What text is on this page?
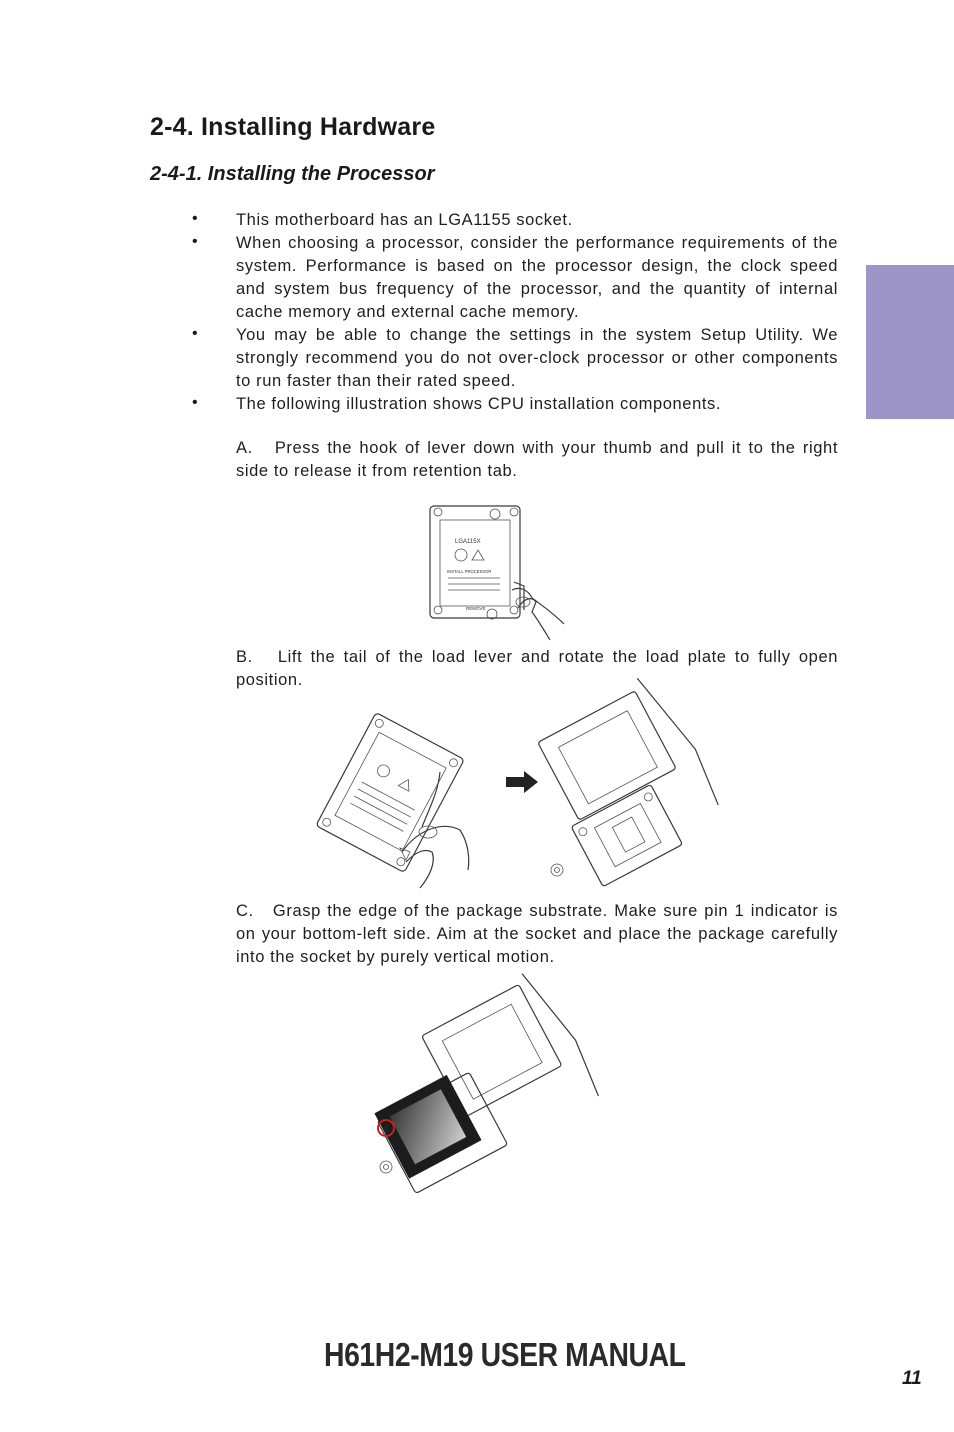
2-4. Installing Hardware
2-4-1. Installing the Processor
• This motherboard has an LGA1155 socket.
• When choosing a processor, consider the performance requirements of the system. Performance is based on the processor design, the clock speed and system bus frequency of the processor, and the quantity of internal cache memory and external cache memory.
• You may be able to change the settings in the system Setup Utility. We strongly recommend you do not over-clock processor or other components to run faster than their rated speed.
• The following illustration shows CPU installation components.
A. Press the hook of lever down with your thumb and pull it to the right side to release it from retention tab.
LGA115X
INSTALL PROCESSOR
REMOVE
B. Lift the tail of the load lever and rotate the load plate to fully open position.
C. Grasp the edge of the package substrate. Make sure pin 1 indicator is on your bottom-left side. Aim at the socket and place the package carefully into the socket by purely vertical motion.
H61H2-M19 USER MANUAL
11
